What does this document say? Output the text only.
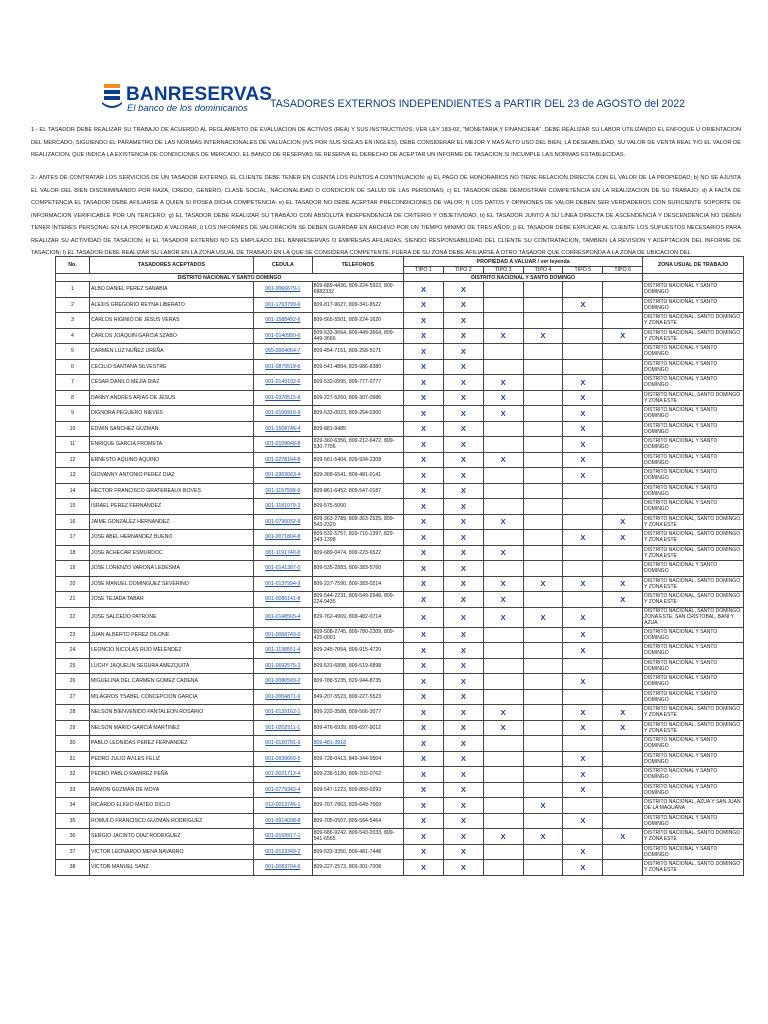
BANRESERVAS
El banco de los dominicanos TASADORES EXTERNOS INDEPENDIENTES a PARTIR DEL 23 de AGOSTO del 2022

1.- EL TASADOR DEBE REALIZAR SU TRABAJO DE ACUERDO AL REGLAMENTO DE EVALUACION DE ACTIVOS (REA) Y SUS INSTRUCTIVOS; VER LEY 183-02, "MONETARIA Y FINANCIERA". DEBE REALIZAR SU LABOR UTILIZANDO EL ENFOQUE U ORIENTACION DEL MERCADO, SIGUIENDO EL PARAMETRO DE LAS NORMAS INTERNACIONALES DE VALUACION (IVS POR SUS SIGLAS EN INGLES). DEBE CONSIDERAR EL MEJOR Y MAS ALTO USO DEL BIEN, LA DESEABILIDAD, SU VALOR DE VENTA REAL Y/O EL VALOR DE REALIZACION, QUE INDICA LA EXISTENCIA DE CONDICIONES DE MERCADO. EL BANCO DE RESERVAS SE RESERVA EL DERECHO DE ACEPTAR UN INFORME DE TASACION SI INCUMPLE LAS NORMAS ESTABLECIDAS.

2.- ANTES DE CONTRATAR LOS SERVICIOS DE UN TASADOR EXTERNO, EL CLIENTE DEBE TENER EN CUENTA LOS PUNTOS A CONTINUACION: a) EL PAGO DE HONORARIOS NO TIENE RELACION DIRECTA CON EL VALOR DE LA PROPIEDAD; b) NO SE AJUSTA EL VALOR DEL BIEN DISCRIMINANDO POR RAZA, CREDO, GENERO, CLASE SOCIAL, NACIONALIDAD O CONDICION DE SALUD DE LAS PERSONAS; c) EL TASADOR DEBE DEMOSTRAR COMPETENCIA EN LA REALIZACION DE SU TRABAJO; d) A FALTA DE COMPETENCIA EL TASADOR DEBE AFILIARSE A QUIEN SI POSEA DICHA COMPETENCIA; e) EL TASADOR NO DEBE ACEPTAR PRECONDICIONES DE VALOR; f) LOS DATOS Y OPINIONES DE VALOR DEBEN SER VERDADEROS CON SUFICIENTE SOPORTE DE INFORMACION VERIFICABLE POR UN TERCERO; g) EL TASADOR DEBE REALIZAR SU TRABAJO CON ABSOLUTA INDEPENDENCIA DE CRITERIO Y OBJETIVIDAD; h) EL TASADOR JUNTO A SU LINEA DIRECTA DE ASCENDENCIA Y DESCENDENCIA NO DEBEN TENER INTERES PERSONAL EN LA PROPIEDAD A VALORAR; i) LOS INFORMES DE VALORACION SE DEBEN GUARDAR EN ARCHIVO POR UN TIEMPO MINIMO DE TRES AÑOS; j) EL TASADOR DEBE EXPLICAR AL CLIENTE LOS SUPUESTOS NECESARIOS PARA REALIZAR SU ACTIVIDAD DE TASACION; k) EL TASADOR EXTERNO NO ES EMPLEADO DEL BANRESERVAS O EMPRESAS AFILIADAS, SIENDO RESPONSABILIDAD DEL CLIENTE SU CONTRATACION, TAMBIEN LA REVISION Y ACEPTACION DEL INFORME DE TASACION; l) EL TASADOR DEBE REALIZAR SU LABOR EN LA ZONA USUAL DE TRABAJO EN LA QUE SE CONSIDERA COMPETENTE, FUERA DE SU ZONA DEBE AFILIARSE A OTRO TASADOR QUE CORRESPONDA A LA ZONA DE UBICACION DEL

No.	TASADORES ACEPTADOS	CEDULA	TELEFONOS	PROPIEDAD A VALUAR / ver leyenda						ZONA USUAL DE TRABAJO
				TIPO 1	TIPO 2	TIPO 3	TIPO 4	TIPO 5	TIPO 6	
DISTRITO NACIONAL Y SANTO DOMINGO				DISTRITO NACIONAL Y SANTO DOMINGO						
1	ALBO DANIEL PEREZ SANABIA	001-0066679-1	809-689-4436, 809-224-5922, 809-6882332	X	X					DISTRITO NACIONAL Y SANTO DOMINGO
2	ALEXIS GREGORIO REYNA LIBERATO	001-1763799-6	809-817-9627, 809-341-8522	X	X			X		DISTRITO NACIONAL Y SANTO DOMINGO
3	CARLOS HIGINIO DE JESUS VERAS	001-1588492-6	809-565-5501, 809-224-1620	X	X					DISTRITO NACIONAL, SANTO DOMINGO Y ZONA ESTE
4	CARLOS JOAQUIN GARCIA SZABO	001-0140950-6	809-533-3664, 809-449-3664, 809-449-3666	X	X	X	X		X	DISTRITO NACIONAL, SANTO DOMINGO Y ZONA ESTE
5	CARMEN LUZ NUÑEZ UREÑA	055-0004054-7	809-454-7151, 809-258-5171	X	X					DISTRITO NACIONAL Y SANTO DOMINGO
6	CECILIO SANTANA SILVESTRE	001-0879519-6	809-541-4804, 829-986-8380	X	X					DISTRITO NACIONAL Y SANTO DOMINGO
7	CESAR DANILO MEJIA DIAZ	001-0149192-6	809-532-0995, 809-777-0777	X	X	X		X		DISTRITO NACIONAL Y SANTO DOMINGO
8	DANNY ANDRES ARIAS DE JESUS	001-0370515-8	809-227-5260, 809-307-0986	X	X	X		X		DISTRITO NACIONAL, SANTO DOMINGO Y ZONA ESTE
9	DIGNORA PEGUERO NIEVES	001-0106916-9	809-533-0023, 809-254-0300	X	X	X		X		DISTRITO NACIONAL Y SANTO DOMINGO
10	EDWIN SANCHEZ GUZMAN	001-1508745-4	809-881-9485	X	X			X		DISTRITO NACIONAL Y SANTO DOMINGO
11	ENRIQUE GARCIA FROMETA	001-0109048-8	829-360-6356, 809-212-6472, 809-530-7706	X	X			X		DISTRITO NACIONAL Y SANTO DOMINGO
12	ERNESTO AQUINO AQUINO	001-0278164-8	809-561-5404, 829-934-2308	X	X	X		X		DISTRITO NACIONAL Y SANTO DOMINGO
13	GIOVANNY ANTONIO PEREZ DIAZ	001-0363003-4	809-368-6541, 809-481-0141	X	X			X		DISTRITO NACIONAL Y SANTO DOMINGO
14	HECTOR FRANCISCO GRATEREAUX BOVES	001-1157599-9	809-861-6452, 809-547-0187	X	X					DISTRITO NACIONAL Y SANTO DOMINGO
15	ISRAEL PEREZ FERNANDEZ	001-1181079-3	809-575-5000	X	X					DISTRITO NACIONAL Y SANTO DOMINGO
16	JAIME GONZALEZ HERNANDEZ	001-0796052-8	809-363-2789, 809-363-2525, 809-543-2320	X	X	X			X	DISTRITO NACIONAL, SANTO DOMINGO Y ZONA ESTE
17	JOSE ABEL HERNANDEZ BUENO	001-0071804-8	809-532-5757, 829-716-1397, 829-343-1398	X	X			X	X	DISTRITO NACIONAL, SANTO DOMINGO Y ZONA ESTE
18	JOSE ACHECAR ESMURDOC	001-1191740-8	809-689-0474, 809-223-6522	X	X	X				DISTRITO NACIONAL, SANTO DOMINGO Y ZONA ESTE
19	JOSE LORENZO VARONA LEDESMA	001-0141387-0	809-535-2883, 809-383-5760	X	X					DISTRITO NACIONAL Y SANTO DOMINGO
20	JOSE MANUEL DOMINGUEZ SEVERINO	001-0137994-9	809-227-7590, 809-383-0214	X	X	X	X	X	X	DISTRITO NACIONAL, SANTO DOMINGO Y ZONA ESTE
21	JOSE TEJADA TABAR	001-0086141-8	809-544-2231, 809-549-2949, 809-224-9435	X	X	X			X	DISTRITO NACIONAL, SANTO DOMINGO Y ZONA ESTE
22	JOSE SALCEDO PATRONE	001-0148565-4	829-762-4969, 809-482-0714	X	X	X	X	X		DISTRITO NACIONAL, SANTO DOMINGO, ZONA ESTE, SAN CRISTOBAL, BANI Y AZUA
23	JUAN ALBERTO PEREZ DILONE	001-0068749-0	809-508-2745, 809-780-2309, 809-425-0001	X	X			X		DISTRITO NACIONAL Y SANTO DOMINGO
24	LEONCIO NICOLAS RIJO MELENDEZ	001-1138551-4	809-245-7054, 809-915-4720	X	X			X		DISTRITO NACIONAL Y SANTO DOMINGO
25	LUCHY JAQUELIN SEGURA AMEZQUITA	001-0692575-3	809-531-6898, 809-519-6898	X	X					DISTRITO NACIONAL Y SANTO DOMINGO
26	MIGUELINA DEL CARMEN GOMEZ CADENA	001-0080509-2	809-788-5235, 829-944-8735	X	X			X		DISTRITO NACIONAL Y SANTO DOMINGO
27	MILAGROS YSABEL CONCEPCION GARCIA	001-0004871-9	849-207-5523, 809-227-5523	X	X					DISTRITO NACIONAL Y SANTO DOMINGO
28	NELSON BIENVENIDO PANTALEON ROSARIO	001-0139162-1	809-222-3588, 809-566-3077	X	X	X		X	X	DISTRITO NACIONAL, SANTO DOMINGO Y ZONA ESTE
29	NELSON MARIO GARCIA MARTINEZ	001-0202511-1	809-476-6939, 809-697-9012	X	X	X		X	X	DISTRITO NACIONAL, SANTO DOMINGO Y ZONA ESTE
30	PABLO LEONIDAS PEREZ FERNANDEZ	001-0120781-9	809-481-3918	X	X					DISTRITO NACIONAL Y SANTO DOMINGO
31	PEDRO JULIO AVILES FELIZ	001-0930660-5	809-728-0413, 849-344-0504	X	X			X		DISTRITO NACIONAL Y SANTO DOMINGO
32	PEDRO PABLO RAMIREZ PEÑA	001-0021712-4	809-238-5180, 809-702-0762	X	X			X		DISTRITO NACIONAL Y SANTO DOMINGO
33	RAMON GUZMAN DE MOYA	001-0779342-4	809-547-1223, 809-850-0293	X	X			X		DISTRITO NACIONAL Y SANTO DOMINGO
34	RICARDO ELIGIO MATEO DICLO	012-0013745-1	809-707-7863, 829-649-7669	X	X		X			DISTRITO NACIONAL, AZUA Y SAN JUAN DE LA MAGUANA
35	ROMULO FRANCISCO GUZMAN RODRIGUEZ	001-0914098-8	809-705-0507, 809-584-5464	X	X			X		DISTRITO NACIONAL Y SANTO DOMINGO
36	SERGIO JACINTO DIAZ RODRIGUEZ	001-0169917-1	809-686-9242, 809-543-2033, 809-541-6565	X	X	X	X		X	DISTRITO NACIONAL, SANTO DOMINGO Y ZONA ESTE
37	VICTOR LEONARDO MENA NAVARRO	001-0123349-2	809-533-3350, 809-481-7448	X	X			X		DISTRITO NACIONAL Y SANTO DOMINGO
38	VICTOR MANUEL SANZ	001-0083704-6	809-227-2573, 809-301-7008	X	X			X		DISTRITO NACIONAL, SANTO DOMINGO Y ZONA ESTE
